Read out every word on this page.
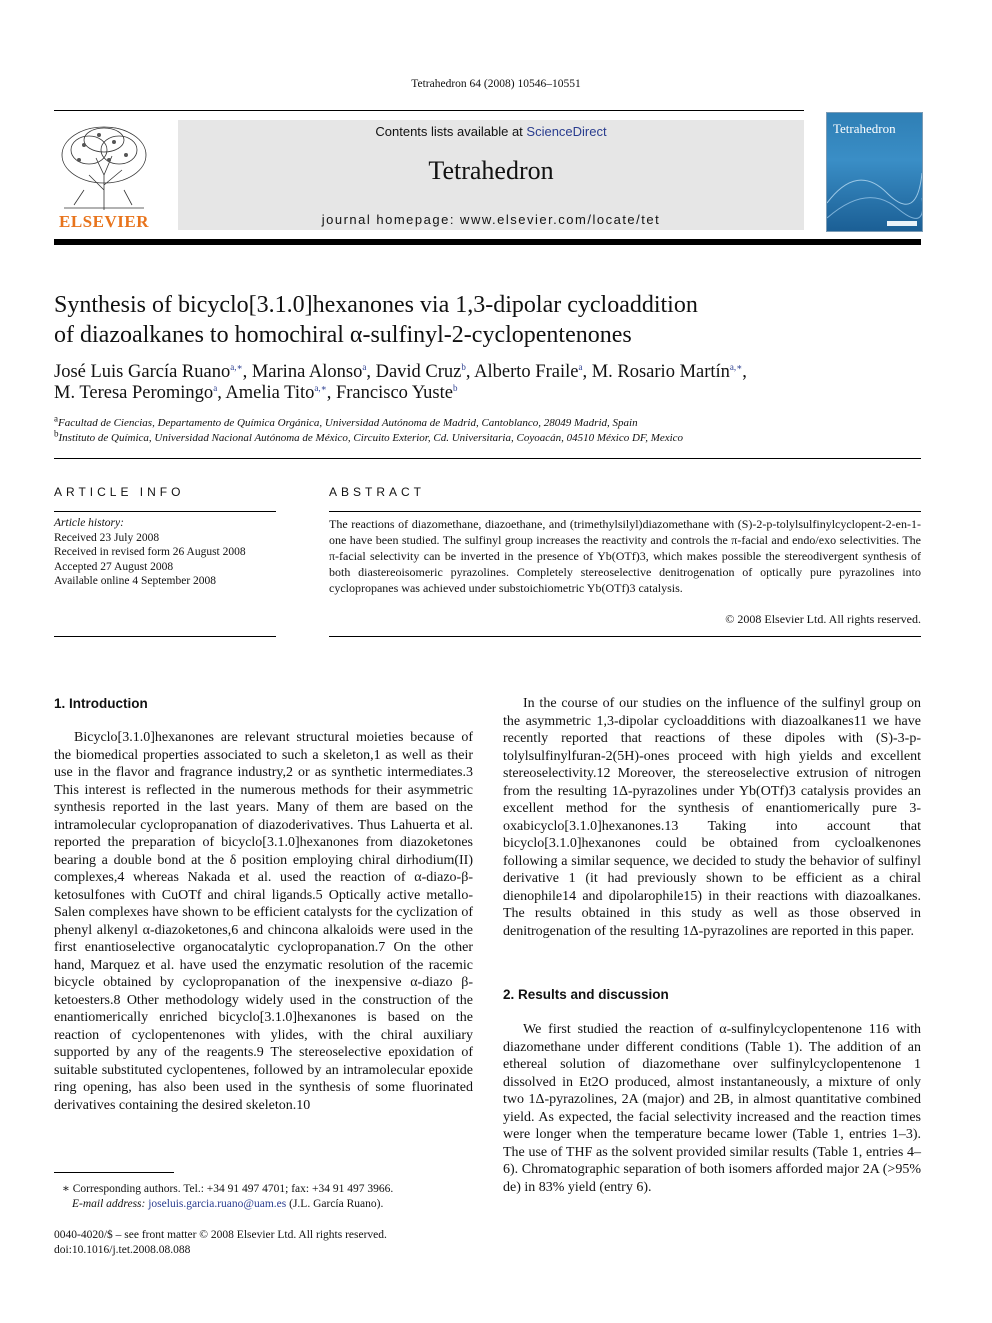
Tetrahedron 64 (2008) 10546–10551
ELSEVIER
Contents lists available at ScienceDirect
Tetrahedron
journal homepage: www.elsevier.com/locate/tet
Tetrahedron
Synthesis of bicyclo[3.1.0]hexanones via 1,3-dipolar cycloaddition
of diazoalkanes to homochiral α-sulfinyl-2-cyclopentenones
José Luis García Ruano$^{a,∗}$, Marina Alonso$^a$, David Cruz$^b$, Alberto Fraile$^a$, M. Rosario Martín$^{a,∗}$,
M. Teresa Peromingo$^a$, Amelia Tito$^{a,∗}$, Francisco Yuste$^b$
$^a$Facultad de Ciencias, Departamento de Química Orgánica, Universidad Autónoma de Madrid, Cantoblanco, 28049 Madrid, Spain
$^b$Instituto de Química, Universidad Nacional Autónoma de México, Circuito Exterior, Cd. Universitaria, Coyoacán, 04510 México DF, Mexico
ARTICLE INFO
Article history:
Received 23 July 2008
Received in revised form 26 August 2008
Accepted 27 August 2008
Available online 4 September 2008
ABSTRACT
The reactions of diazomethane, diazoethane, and (trimethylsilyl)diazomethane with (S)-2-p-tolylsulfinylcyclopent-2-en-1-one have been studied. The sulfinyl group increases the reactivity and controls the π-facial and endo/exo selectivities. The π-facial selectivity can be inverted in the presence of Yb(OTf)3, which makes possible the stereodivergent synthesis of both diastereoisomeric pyrazolines. Completely stereoselective denitrogenation of optically pure pyrazolines into cyclopropanes was achieved under substoichiometric Yb(OTf)3 catalysis.
© 2008 Elsevier Ltd. All rights reserved.
1. Introduction
Bicyclo[3.1.0]hexanones are relevant structural moieties because of the biomedical properties associated to such a skeleton,1 as well as their use in the flavor and fragrance industry,2 or as synthetic intermediates.3 This interest is reflected in the numerous methods for their asymmetric synthesis reported in the last years. Many of them are based on the intramolecular cyclopropanation of diazoderivatives. Thus Lahuerta et al. reported the preparation of bicyclo[3.1.0]hexanones from diazoketones bearing a double bond at the δ position employing chiral dirhodium(II) complexes,4 whereas Nakada et al. used the reaction of α-diazo-β-ketosulfones with CuOTf and chiral ligands.5 Optically active metallo-Salen complexes have shown to be efficient catalysts for the cyclization of phenyl alkenyl α-diazoketones,6 and chincona alkaloids were used in the first enantioselective organocatalytic cyclopropanation.7 On the other hand, Marquez et al. have used the enzymatic resolution of the racemic bicycle obtained by cyclopropanation of the inexpensive α-diazo β-ketoesters.8 Other methodology widely used in the construction of the enantiomerically enriched bicyclo[3.1.0]hexanones is based on the reaction of cyclopentenones with ylides, with the chiral auxiliary supported by any of the reagents.9 The stereoselective epoxidation of suitable substituted cyclopentenes, followed by an intramolecular epoxide ring opening, has also been used in the synthesis of some fluorinated derivatives containing the desired skeleton.10
In the course of our studies on the influence of the sulfinyl group on the asymmetric 1,3-dipolar cycloadditions with diazoalkanes11 we have recently reported that reactions of these dipoles with (S)-3-p-tolylsulfinylfuran-2(5H)-ones proceed with high yields and excellent stereoselectivity.12 Moreover, the stereoselective extrusion of nitrogen from the resulting 1Δ-pyrazolines under Yb(OTf)3 catalysis provides an excellent method for the synthesis of enantiomerically pure 3-oxabicyclo[3.1.0]hexanones.13 Taking into account that bicyclo[3.1.0]hexanones could be obtained from cycloalkenones following a similar sequence, we decided to study the behavior of sulfinyl derivative 1 (it had previously shown to be efficient as a chiral dienophile14 and dipolarophile15) in their reactions with diazoalkanes. The results obtained in this study as well as those observed in denitrogenation of the resulting 1Δ-pyrazolines are reported in this paper.
2. Results and discussion
We first studied the reaction of α-sulfinylcyclopentenone 116 with diazomethane under different conditions (Table 1). The addition of an ethereal solution of diazomethane over sulfinylcyclopentenone 1 dissolved in Et2O produced, almost instantaneously, a mixture of only two 1Δ-pyrazolines, 2A (major) and 2B, in almost quantitative combined yield. As expected, the facial selectivity increased and the reaction times were longer when the temperature became lower (Table 1, entries 1–3). The use of THF as the solvent provided similar results (Table 1, entries 4–6). Chromatographic separation of both isomers afforded major 2A (>95% de) in 83% yield (entry 6).
∗ Corresponding authors. Tel.: +34 91 497 4701; fax: +34 91 497 3966.
E-mail address: joseluis.garcia.ruano@uam.es (J.L. García Ruano).
0040-4020/$ – see front matter © 2008 Elsevier Ltd. All rights reserved.
doi:10.1016/j.tet.2008.08.088
